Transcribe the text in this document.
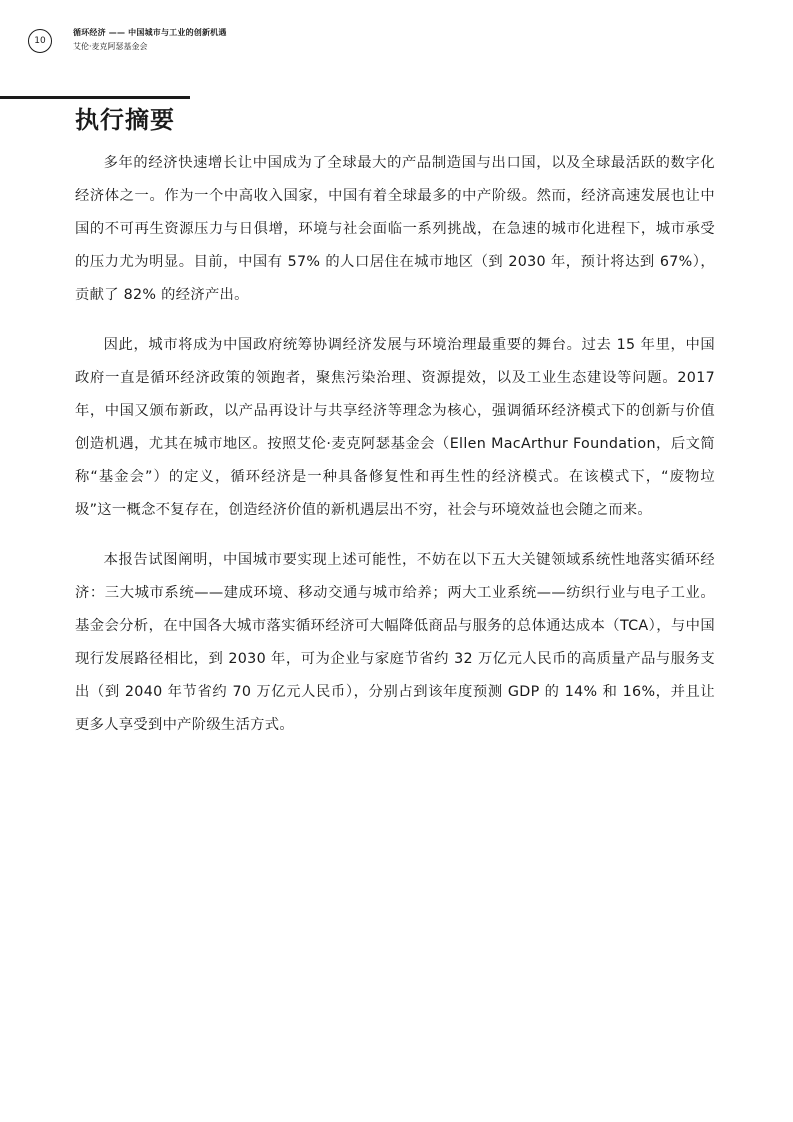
10
循环经济 —— 中国城市与工业的创新机遇
艾伦·麦克阿瑟基金会
执行摘要

多年的经济快速增长让中国成为了全球最大的产品制造国与出口国，以及全球最活跃的数字化经济体之一。作为一个中高收入国家，中国有着全球最多的中产阶级。然而，经济高速发展也让中国的不可再生资源压力与日俱增，环境与社会面临一系列挑战，在急速的城市化进程下，城市承受的压力尤为明显。目前，中国有 57% 的人口居住在城市地区（到 2030 年，预计将达到 67%），贡献了 82% 的经济产出。

因此，城市将成为中国政府统筹协调经济发展与环境治理最重要的舞台。过去 15 年里，中国政府一直是循环经济政策的领跑者，聚焦污染治理、资源提效，以及工业生态建设等问题。2017 年，中国又颁布新政，以产品再设计与共享经济等理念为核心，强调循环经济模式下的创新与价值创造机遇，尤其在城市地区。按照艾伦·麦克阿瑟基金会（Ellen MacArthur Foundation，后文简称“基金会”）的定义，循环经济是一种具备修复性和再生性的经济模式。在该模式下，“废物垃圾”这一概念不复存在，创造经济价值的新机遇层出不穷，社会与环境效益也会随之而来。

本报告试图阐明，中国城市要实现上述可能性，不妨在以下五大关键领域系统性地落实循环经济：三大城市系统——建成环境、移动交通与城市给养；两大工业系统——纺织行业与电子工业。基金会分析，在中国各大城市落实循环经济可大幅降低商品与服务的总体通达成本（TCA），与中国现行发展路径相比，到 2030 年，可为企业与家庭节省约 32 万亿元人民币的高质量产品与服务支出（到 2040 年节省约 70 万亿元人民币），分别占到该年度预测 GDP 的 14% 和 16%，并且让更多人享受到中产阶级生活方式。
